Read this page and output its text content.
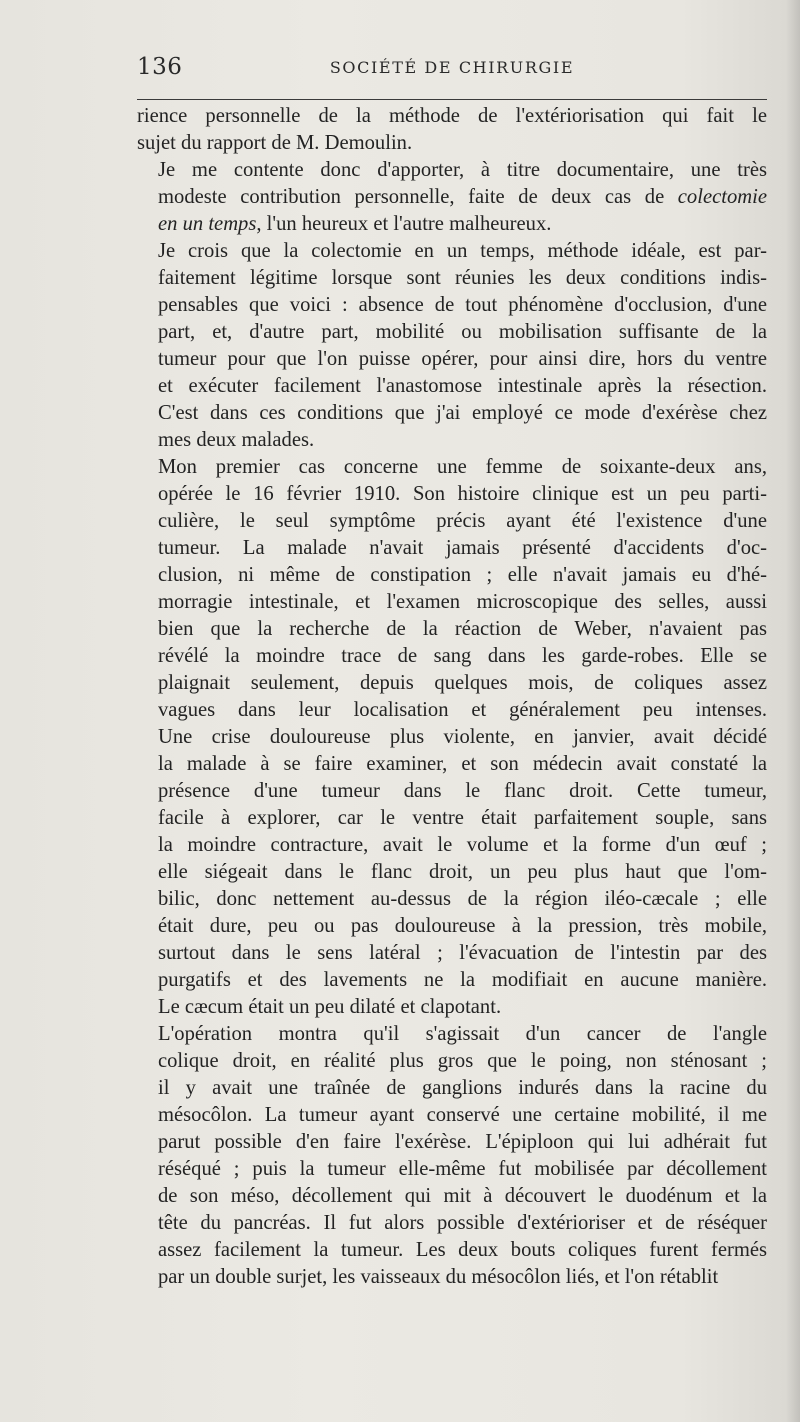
136	SOCIÉTÉ DE CHIRURGIE
rience personnelle de la méthode de l'extériorisation qui fait le
sujet du rapport de M. Demoulin.
Je me contente donc d'apporter, à titre documentaire, une très
modeste contribution personnelle, faite de deux cas de colectomie
en un temps, l'un heureux et l'autre malheureux.
Je crois que la colectomie en un temps, méthode idéale, est par-
faitement légitime lorsque sont réunies les deux conditions indis-
pensables que voici : absence de tout phénomène d'occlusion, d'une
part, et, d'autre part, mobilité ou mobilisation suffisante de la
tumeur pour que l'on puisse opérer, pour ainsi dire, hors du ventre
et exécuter facilement l'anastomose intestinale après la résection.
C'est dans ces conditions que j'ai employé ce mode d'exérèse chez
mes deux malades.
Mon premier cas concerne une femme de soixante-deux ans,
opérée le 16 février 1910. Son histoire clinique est un peu parti-
culière, le seul symptôme précis ayant été l'existence d'une
tumeur. La malade n'avait jamais présenté d'accidents d'oc-
clusion, ni même de constipation ; elle n'avait jamais eu d'hé-
morragie intestinale, et l'examen microscopique des selles, aussi
bien que la recherche de la réaction de Weber, n'avaient pas
révélé la moindre trace de sang dans les garde-robes. Elle se
plaignait seulement, depuis quelques mois, de coliques assez
vagues dans leur localisation et généralement peu intenses.
Une crise douloureuse plus violente, en janvier, avait décidé
la malade à se faire examiner, et son médecin avait constaté la
présence d'une tumeur dans le flanc droit. Cette tumeur,
facile à explorer, car le ventre était parfaitement souple, sans
la moindre contracture, avait le volume et la forme d'un œuf ;
elle siégeait dans le flanc droit, un peu plus haut que l'om-
bilic, donc nettement au-dessus de la région iléo-cæcale ; elle
était dure, peu ou pas douloureuse à la pression, très mobile,
surtout dans le sens latéral ; l'évacuation de l'intestin par des
purgatifs et des lavements ne la modifiait en aucune manière.
Le cæcum était un peu dilaté et clapotant.
L'opération montra qu'il s'agissait d'un cancer de l'angle
colique droit, en réalité plus gros que le poing, non sténosant ;
il y avait une traînée de ganglions indurés dans la racine du
mésocôlon. La tumeur ayant conservé une certaine mobilité, il me
parut possible d'en faire l'exérèse. L'épiploon qui lui adhérait fut
réséqué ; puis la tumeur elle-même fut mobilisée par décollement
de son méso, décollement qui mit à découvert le duodénum et la
tête du pancréas. Il fut alors possible d'extérioriser et de réséquer
assez facilement la tumeur. Les deux bouts coliques furent fermés
par un double surjet, les vaisseaux du mésocôlon liés, et l'on rétablit
